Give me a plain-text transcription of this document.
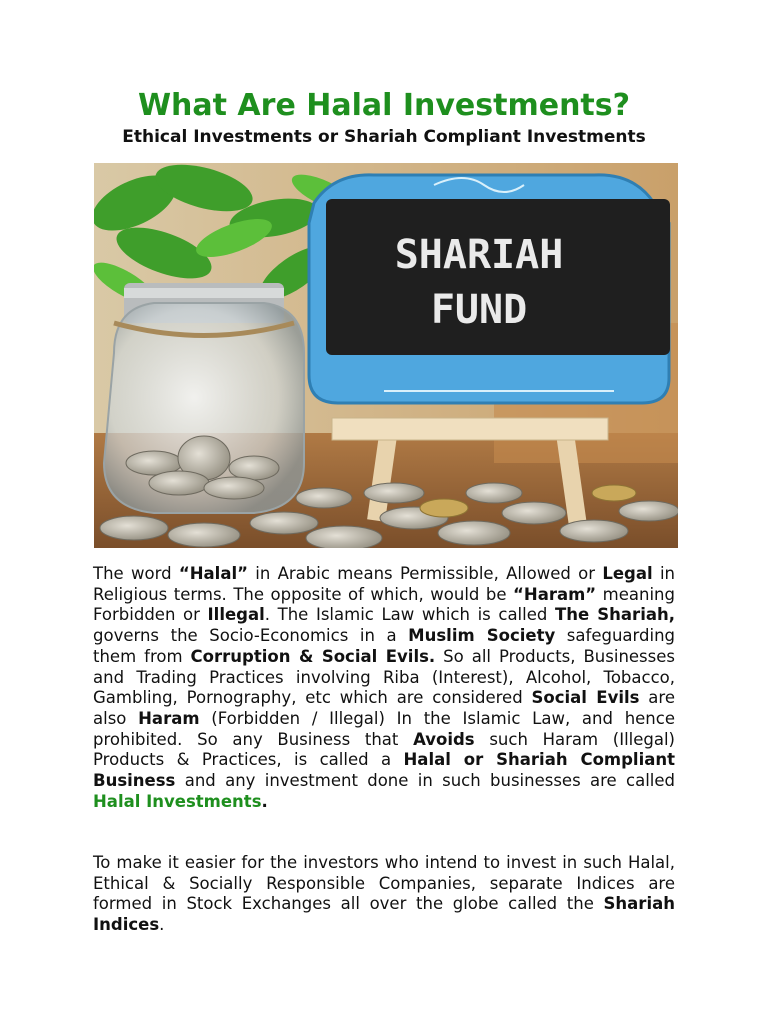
What Are Halal Investments?
Ethical Investments or Shariah Compliant Investments
SHARIAH
FUND

The word “Halal” in Arabic means Permissible, Allowed or Legal in Religious terms. The opposite of which, would be “Haram” meaning Forbidden or Illegal. The Islamic Law which is called The Shariah, governs the Socio-Economics in a Muslim Society safeguarding them from Corruption & Social Evils. So all Products, Businesses and Trading Practices involving Riba (Interest), Alcohol, Tobacco, Gambling, Pornography, etc which are considered Social Evils are also Haram (Forbidden / Illegal) In the Islamic Law, and hence prohibited. So any Business that Avoids such Haram (Illegal) Products & Practices, is called a Halal or Shariah Compliant Business and any investment done in such businesses are called Halal Investments.

To make it easier for the investors who intend to invest in such Halal, Ethical & Socially Responsible Companies, separate Indices are formed in Stock Exchanges all over the globe called the Shariah Indices.
